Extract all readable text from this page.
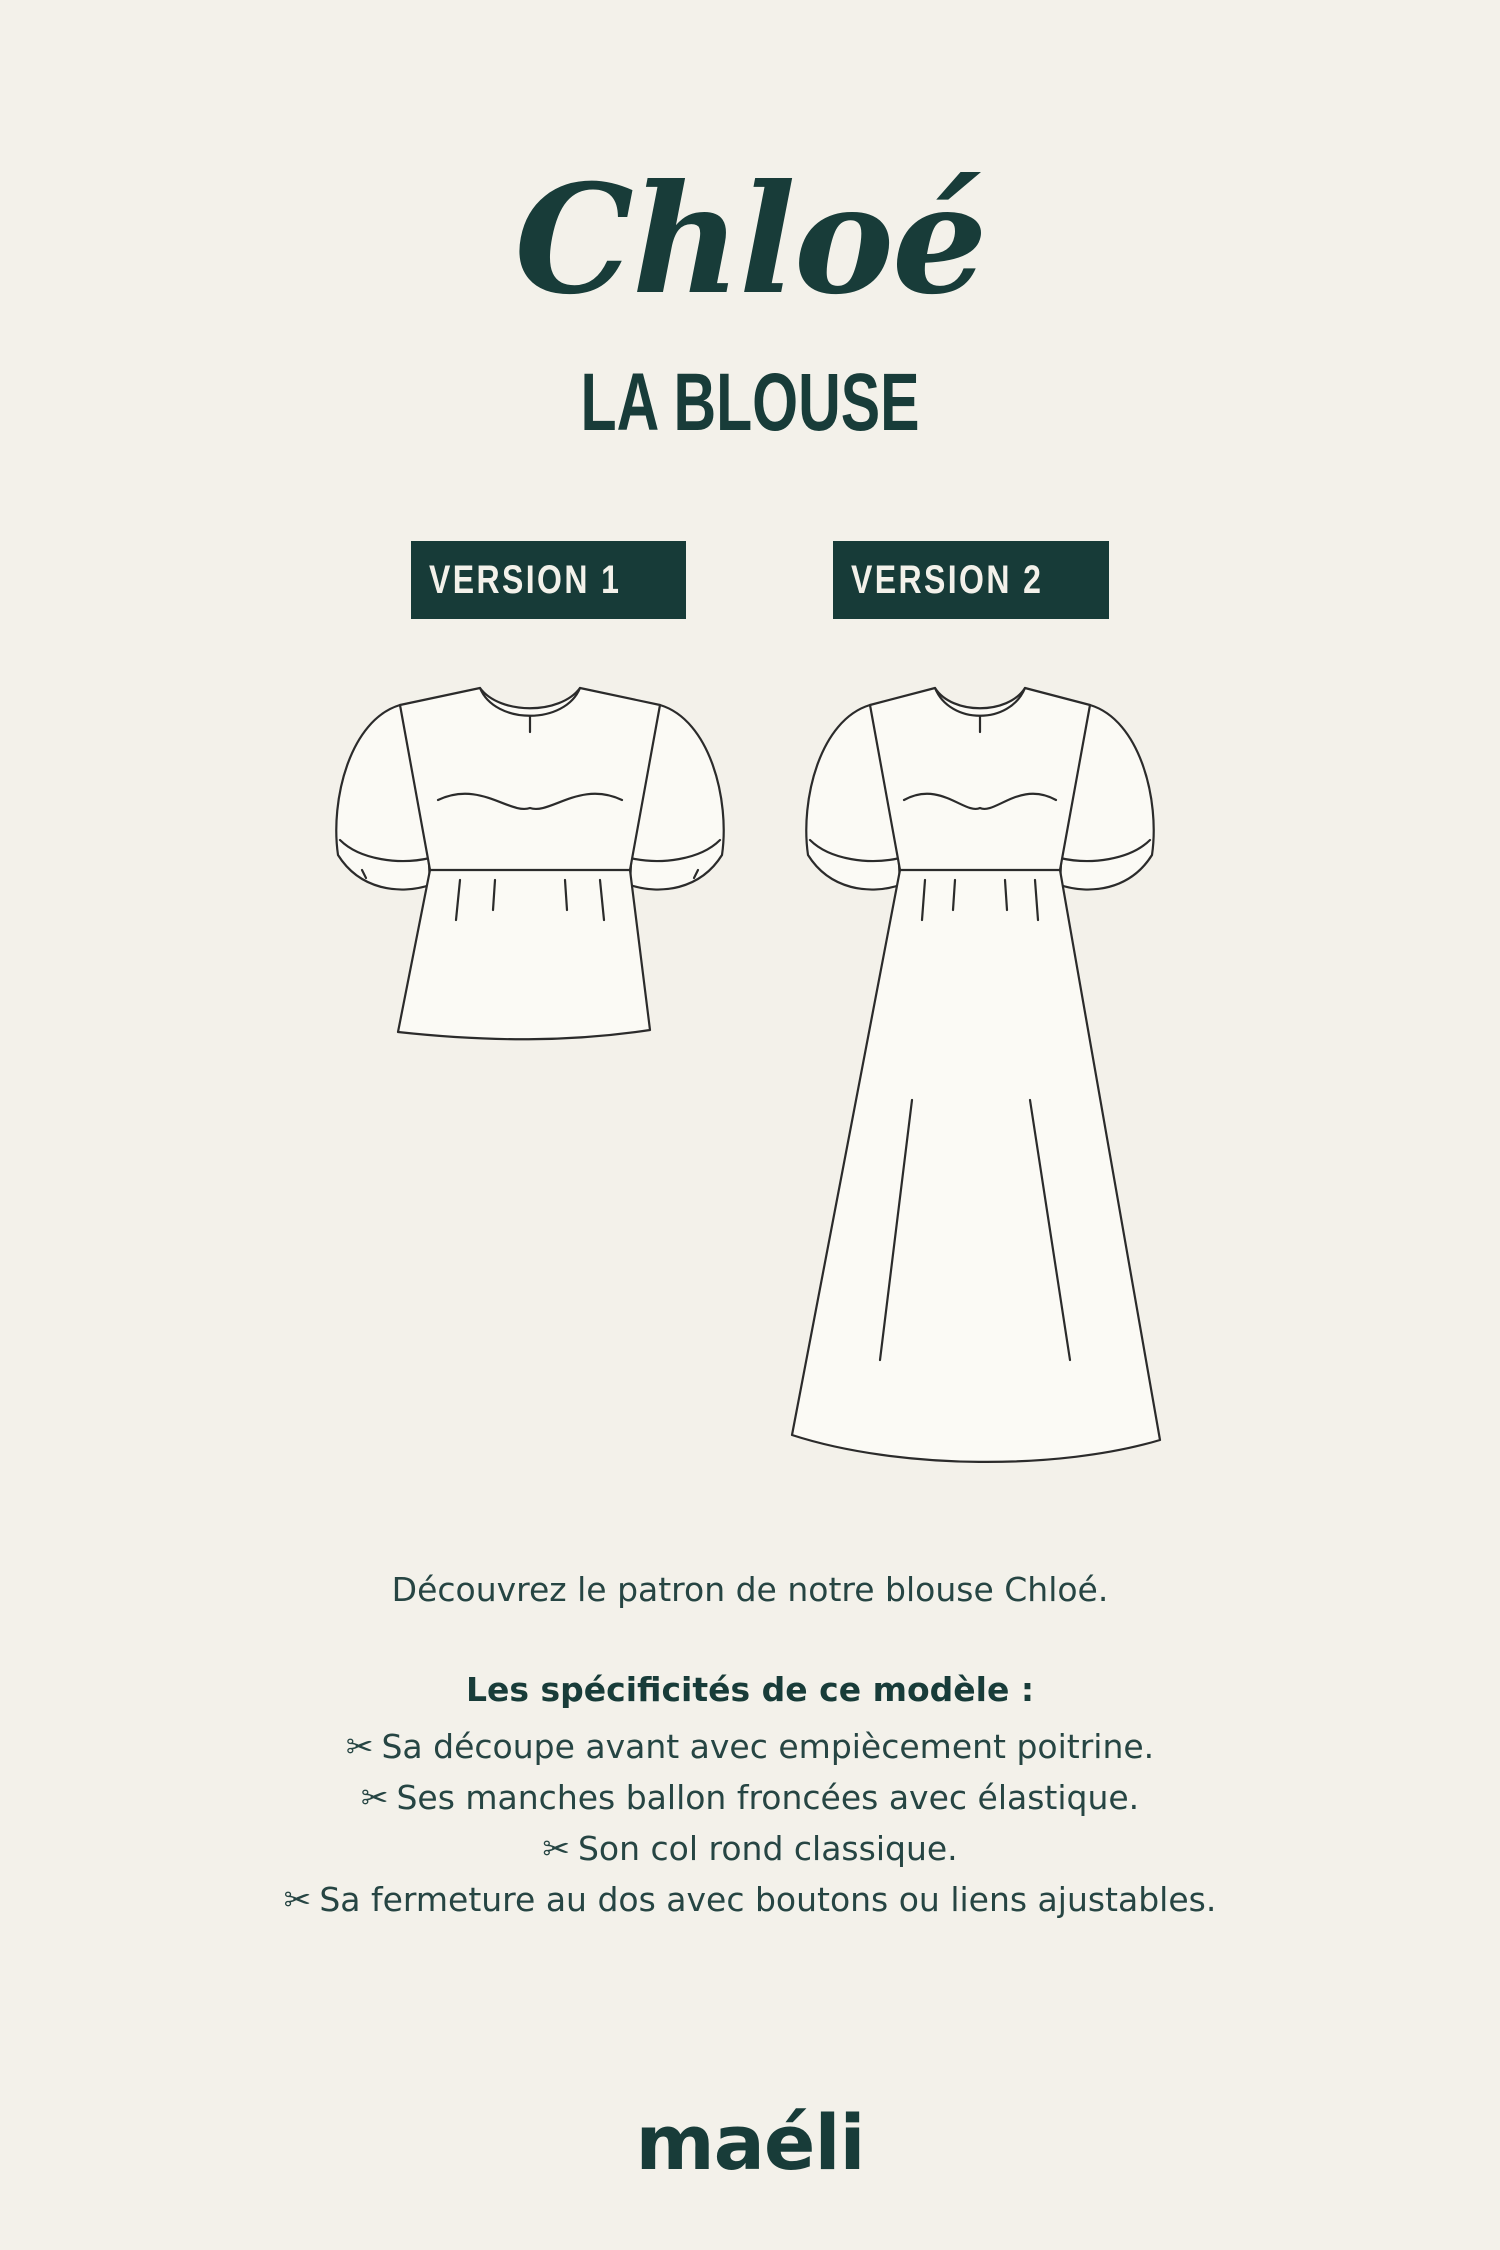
Chloé
LA BLOUSE
VERSION 1	VERSION 2
Découvrez le patron de notre blouse Chloé.
Les spécificités de ce modèle :
✂ Sa découpe avant avec empiècement poitrine.
✂ Ses manches ballon froncées avec élastique.
✂ Son col rond classique.
✂ Sa fermeture au dos avec boutons ou liens ajustables.
maéli
